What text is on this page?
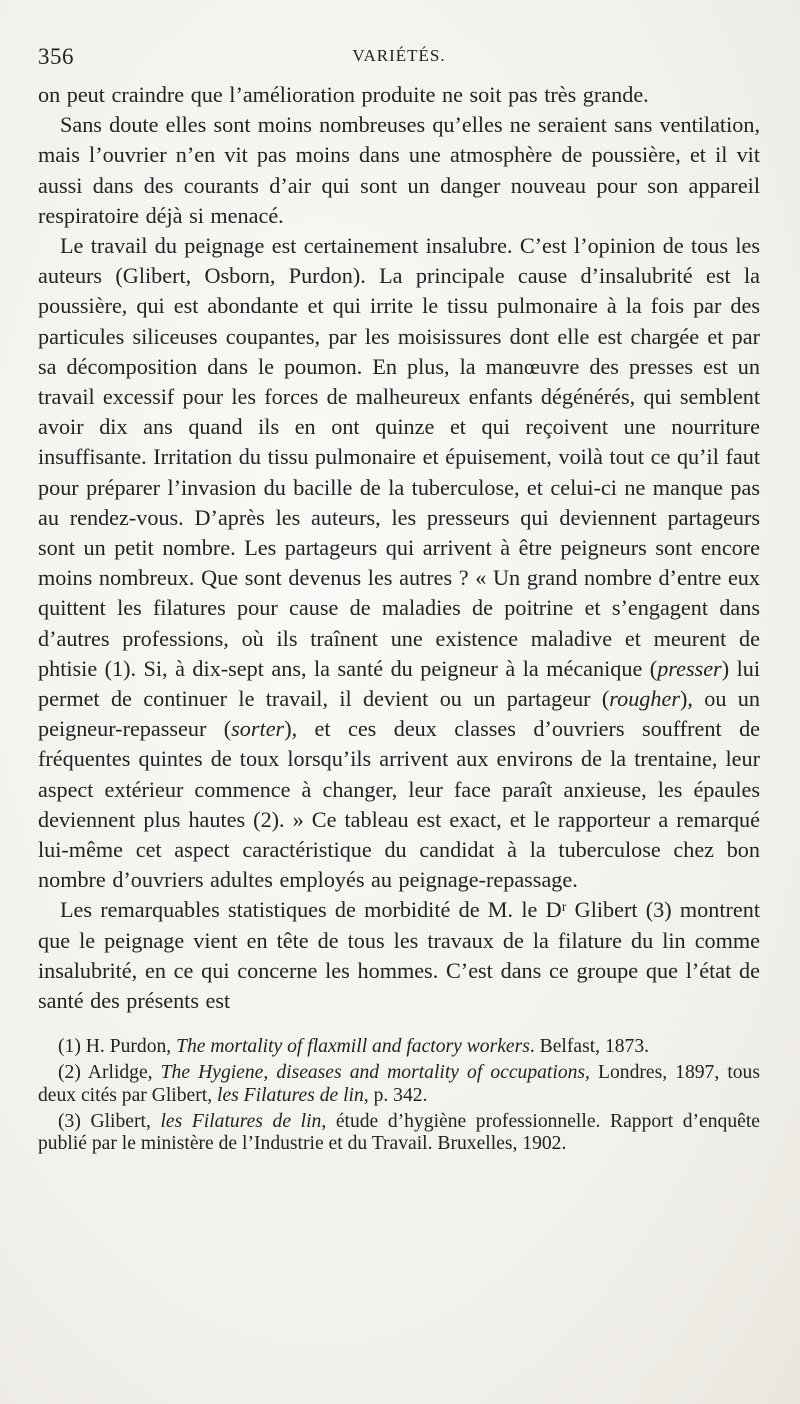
356	VARIÉTÉS.

on peut craindre que l’amélioration produite ne soit pas très grande.

Sans doute elles sont moins nombreuses qu’elles ne seraient sans ventilation, mais l’ouvrier n’en vit pas moins dans une atmosphère de poussière, et il vit aussi dans des courants d’air qui sont un danger nouveau pour son appareil respiratoire déjà si menacé.

Le travail du peignage est certainement insalubre. C’est l’opinion de tous les auteurs (Glibert, Osborn, Purdon). La principale cause d’insalubrité est la poussière, qui est abondante et qui irrite le tissu pulmonaire à la fois par des particules siliceuses coupantes, par les moisissures dont elle est chargée et par sa décomposition dans le poumon. En plus, la manœuvre des presses est un travail excessif pour les forces de malheureux enfants dégénérés, qui semblent avoir dix ans quand ils en ont quinze et qui reçoivent une nourriture insuffisante. Irritation du tissu pulmonaire et épuisement, voilà tout ce qu’il faut pour préparer l’invasion du bacille de la tuberculose, et celui-ci ne manque pas au rendez-vous. D’après les auteurs, les presseurs qui deviennent partageurs sont un petit nombre. Les partageurs qui arrivent à être peigneurs sont encore moins nombreux. Que sont devenus les autres ? « Un grand nombre d’entre eux quittent les filatures pour cause de maladies de poitrine et s’engagent dans d’autres professions, où ils traînent une existence maladive et meurent de phtisie (1). Si, à dix-sept ans, la santé du peigneur à la mécanique (presser) lui permet de continuer le travail, il devient ou un partageur (rougher), ou un peigneur-repasseur (sorter), et ces deux classes d’ouvriers souffrent de fréquentes quintes de toux lorsqu’ils arrivent aux environs de la trentaine, leur aspect extérieur commence à changer, leur face paraît anxieuse, les épaules deviennent plus hautes (2). » Ce tableau est exact, et le rapporteur a remarqué lui-même cet aspect caractéristique du candidat à la tuberculose chez bon nombre d’ouvriers adultes employés au peignage-repassage.

Les remarquables statistiques de morbidité de M. le Dʳ Glibert (3) montrent que le peignage vient en tête de tous les travaux de la filature du lin comme insalubrité, en ce qui concerne les hommes. C’est dans ce groupe que l’état de santé des présents est

(1) H. Purdon, The mortality of flaxmill and factory workers. Belfast, 1873.

(2) Arlidge, The Hygiene, diseases and mortality of occupations, Londres, 1897, tous deux cités par Glibert, les Filatures de lin, p. 342.

(3) Glibert, les Filatures de lin, étude d’hygiène professionnelle. Rapport d’enquête publié par le ministère de l’Industrie et du Travail. Bruxelles, 1902.
